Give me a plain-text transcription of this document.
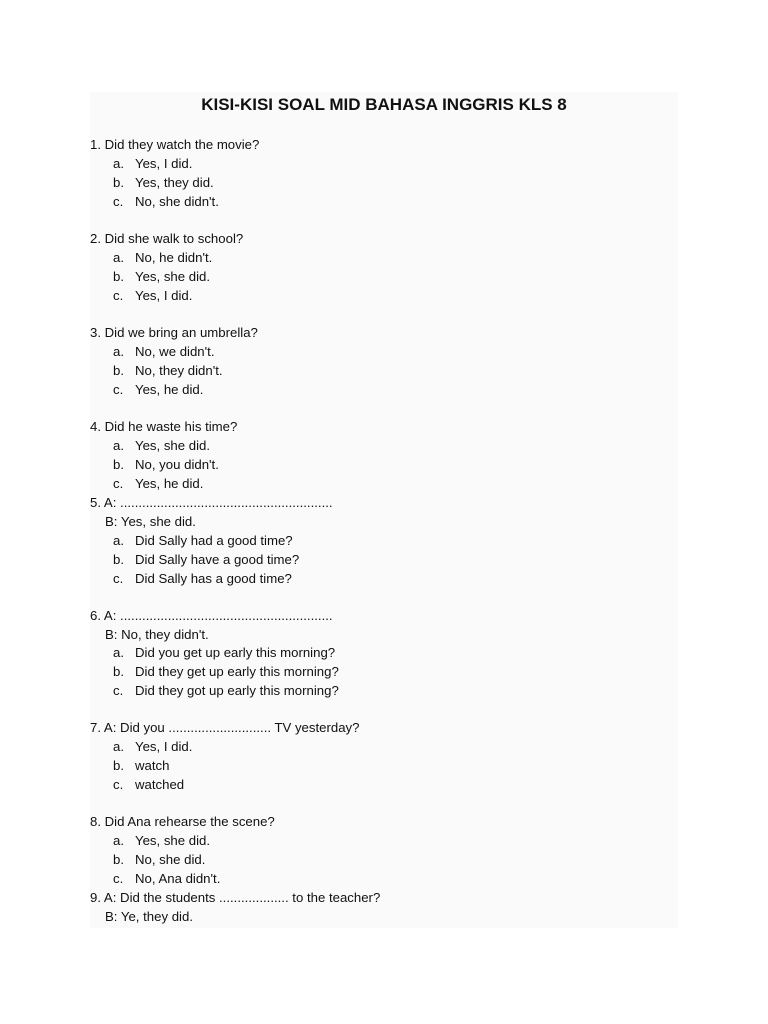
KISI-KISI SOAL MID BAHASA INGGRIS KLS 8
1. Did they watch the movie?
a. Yes, I did.
b. Yes, they did.
c. No, she didn't.
2. Did she walk to school?
a. No, he didn't.
b. Yes, she did.
c. Yes, I did.
3. Did we bring an umbrella?
a. No, we didn't.
b. No, they didn't.
c. Yes, he did.
4. Did he waste his time?
a. Yes, she did.
b. No, you didn't.
c. Yes, he did.
5. A: ..........................................................
B: Yes, she did.
a. Did Sally had a good time?
b. Did Sally have a good time?
c. Did Sally has a good time?
6. A: ..........................................................
B: No, they didn't.
a. Did you get up early this morning?
b. Did they get up early this morning?
c. Did they got up early this morning?
7. A: Did you ............................ TV yesterday?
a. Yes, I did.
b. watch
c. watched
8. Did Ana rehearse the scene?
a. Yes, she did.
b. No, she did.
c. No, Ana didn't.
9. A: Did the students ................... to the teacher?
B: Ye, they did.
